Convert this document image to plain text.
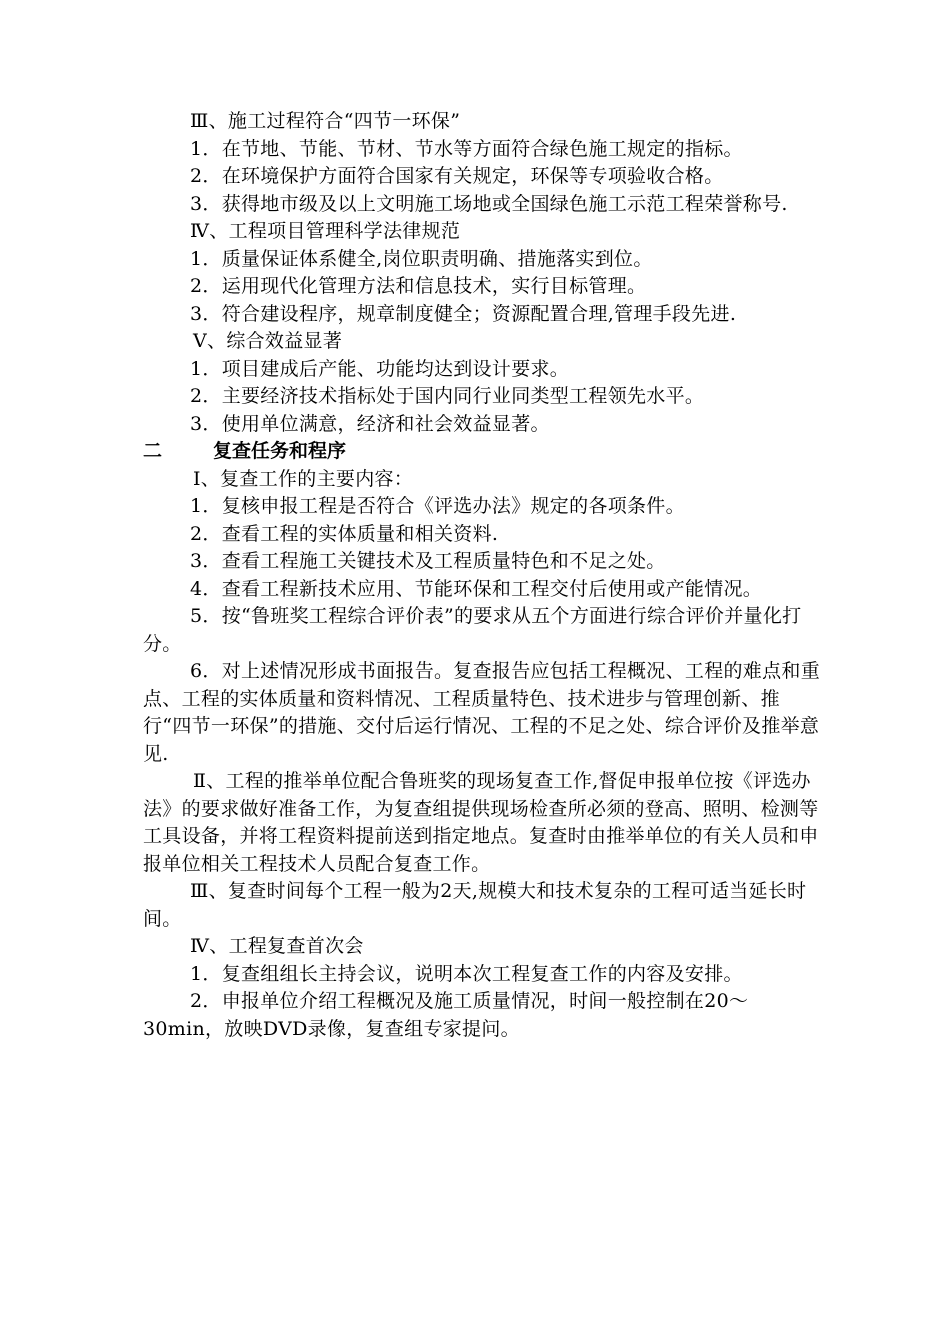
Ⅲ、施工过程符合“四节一环保”

1．在节地、节能、节材、节水等方面符合绿色施工规定的指标。

2．在环境保护方面符合国家有关规定，环保等专项验收合格。

3．获得地市级及以上文明施工场地或全国绿色施工示范工程荣誉称号.

Ⅳ、工程项目管理科学法律规范

1．质量保证体系健全,岗位职责明确、措施落实到位。

2．运用现代化管理方法和信息技术，实行目标管理。

3．符合建设程序，规章制度健全；资源配置合理,管理手段先进.

Ⅴ、综合效益显著

1．项目建成后产能、功能均达到设计要求。

2．主要经济技术指标处于国内同行业同类型工程领先水平。

3．使用单位满意，经济和社会效益显著。

二	复查任务和程序

Ⅰ、复查工作的主要内容：

1．复核申报工程是否符合《评选办法》规定的各项条件。

2．查看工程的实体质量和相关资料.

3．查看工程施工关键技术及工程质量特色和不足之处。

4．查看工程新技术应用、节能环保和工程交付后使用或产能情况。

5．按“鲁班奖工程综合评价表”的要求从五个方面进行综合评价并量化打分。

6．对上述情况形成书面报告。复查报告应包括工程概况、工程的难点和重点、工程的实体质量和资料情况、工程质量特色、技术进步与管理创新、推行“四节一环保”的措施、交付后运行情况、工程的不足之处、综合评价及推举意见.

Ⅱ、工程的推举单位配合鲁班奖的现场复查工作,督促申报单位按《评选办法》的要求做好准备工作，为复查组提供现场检查所必须的登高、照明、检测等工具设备，并将工程资料提前送到指定地点。复查时由推举单位的有关人员和申报单位相关工程技术人员配合复查工作。

Ⅲ、复查时间每个工程一般为2天,规模大和技术复杂的工程可适当延长时间。

Ⅳ、工程复查首次会

1．复查组组长主持会议，说明本次工程复查工作的内容及安排。

2．申报单位介绍工程概况及施工质量情况，时间一般控制在20～30min，放映DVD录像，复查组专家提问。
